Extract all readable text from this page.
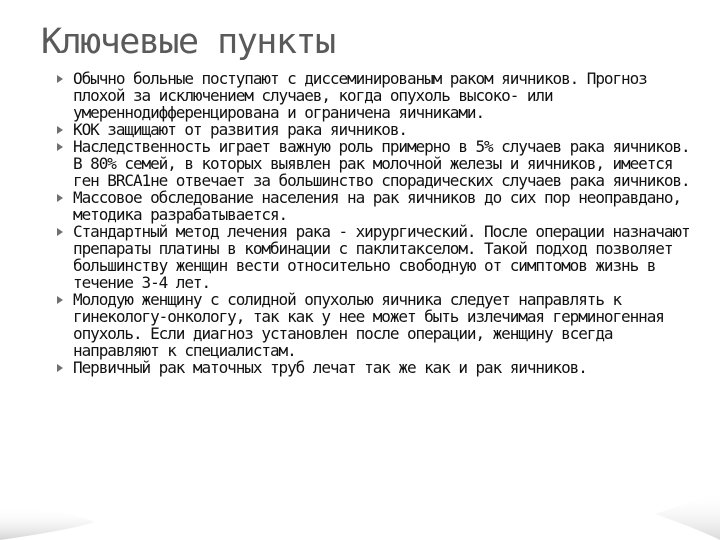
Ключевые пункты
Обычно больные поступают с диссеминированым раком яичников. Прогноз плохой за исключением случаев, когда опухоль высоко- или умереннодифференцирована и ограничена яичниками.
КОК защищают от развития рака яичников.
Наследственность играет важную роль примерно в 5% случаев рака яичников. В 80% семей, в которых выявлен рак молочной железы и яичников, имеется ген BRCA1не отвечает за большинство спорадических случаев рака яичников.
Массовое обследование населения на рак яичников до сих пор неоправдано, методика разрабатывается.
Стандартный метод лечения рака - хирургический. После операции назначают препараты платины в комбинации с паклитакселом. Такой подход позволяет большинству женщин вести относительно свободную от симптомов жизнь в течение 3-4 лет.
Молодую женщину с солидной опухолью яичника следует направлять к гинекологу-онкологу, так как у нее может быть излечимая герминогенная опухоль. Если диагноз установлен после операции, женщину всегда направляют к специалистам.
Первичный рак маточных труб лечат так же как и рак яичников.
